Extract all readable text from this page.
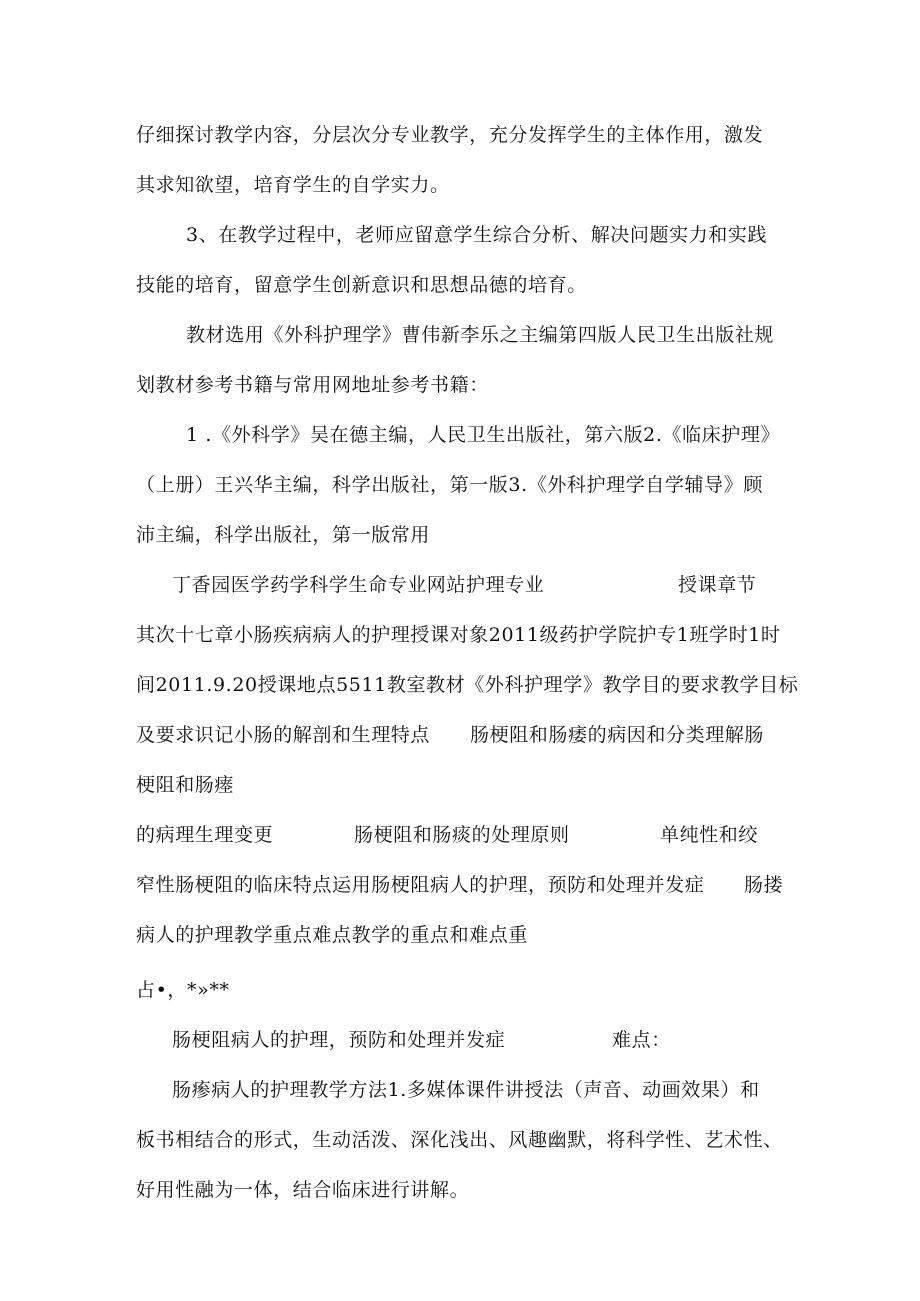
仔细探讨教学内容，分层次分专业教学，充分发挥学生的主体作用，激发
其求知欲望，培育学生的自学实力。
3、在教学过程中，老师应留意学生综合分析、解决问题实力和实践
技能的培育，留意学生创新意识和思想品德的培育。
教材选用《外科护理学》曹伟新李乐之主编第四版人民卫生出版社规
划教材参考书籍与常用网地址参考书籍：
1 .《外科学》吴在德主编，人民卫生出版社，第六版2.《临床护理》
（上册）王兴华主编，科学出版社，第一版3.《外科护理学自学辅导》顾
沛主编，科学出版社，第一版常用
丁香园医学药学科学生命专业网站护理专业	授课章节
其次十七章小肠疾病病人的护理授课对象2011级药护学院护专1班学时1时
间2011.9.20授课地点5511教室教材《外科护理学》教学目的要求教学目标
及要求识记小肠的解剖和生理特点 肠梗阻和肠痿的病因和分类理解肠
梗阻和肠瘗
的病理生理变更	肠梗阻和肠痰的处理原则	单纯性和绞
窄性肠梗阻的临床特点运用肠梗阻病人的护理，预防和处理并发症 肠搂
病人的护理教学重点难点教学的重点和难点重
占•，*»**
肠梗阻病人的护理，预防和处理并发症	难点：
肠瘆病人的护理教学方法1.多媒体课件讲授法（声音、动画效果）和
板书相结合的形式，生动活泼、深化浅出、风趣幽默，将科学性、艺术性、
好用性融为一体，结合临床进行讲解。
